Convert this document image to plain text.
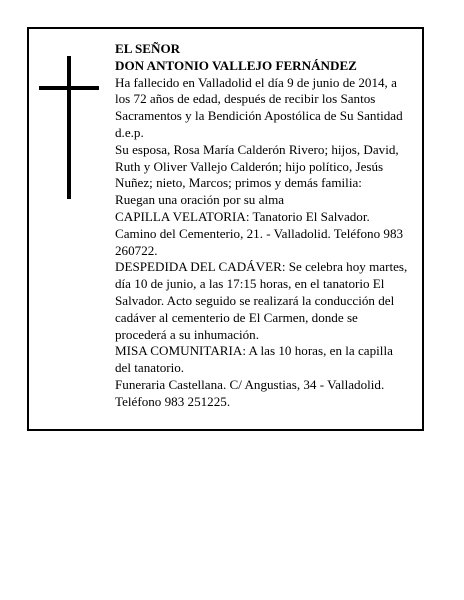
EL SEÑOR
DON ANTONIO VALLEJO FERNÁNDEZ
Ha fallecido en Valladolid el día 9 de junio de 2014, a
los 72 años de edad, después de recibir los Santos
Sacramentos y la Bendición Apostólica de Su Santidad
d.e.p.
Su esposa, Rosa María Calderón Rivero; hijos, David,
Ruth y Oliver Vallejo Calderón; hijo político, Jesús
Nuñez; nieto, Marcos; primos y demás familia:
Ruegan una oración por su alma
CAPILLA VELATORIA: Tanatorio El Salvador.
Camino del Cementerio, 21. - Valladolid. Teléfono 983
260722.
DESPEDIDA DEL CADÁVER: Se celebra hoy martes,
día 10 de junio, a las 17:15 horas, en el tanatorio El
Salvador. Acto seguido se realizará la conducción del
cadáver al cementerio de El Carmen, donde se
procederá a su inhumación.
MISA COMUNITARIA: A las 10 horas, en la capilla
del tanatorio.
Funeraria Castellana. C/ Angustias, 34 - Valladolid.
Teléfono 983 251225.
